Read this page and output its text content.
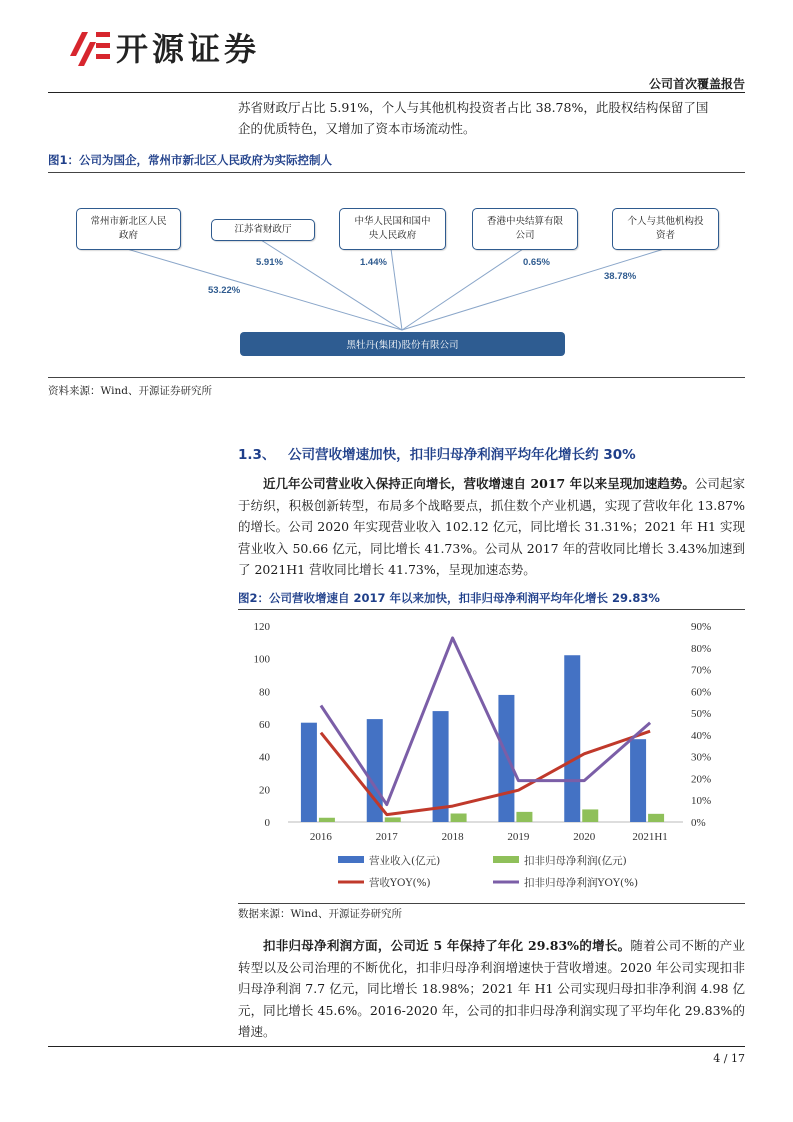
开源证券
公司首次覆盖报告
苏省财政厅占比 5.91%，个人与其他机构投资者占比 38.78%，此股权结构保留了国
企的优质特色，又增加了资本市场流动性。
图1：公司为国企，常州市新北区人民政府为实际控制人
常州市新北区人民
政府
江苏省财政厅
中华人民国和国中
央人民政府
香港中央结算有限
公司
个人与其他机构投
资者
53.22%
5.91%	1.44%	0.65%
38.78%
黑牡丹(集团)股份有限公司
资料来源：Wind、开源证券研究所
1.3、 公司营收增速加快，扣非归母净利润平均年化增长约 30%
近几年公司营业收入保持正向增长，营收增速自 2017 年以来呈现加速趋势。公司起家于纺织，积极创新转型，布局多个战略要点，抓住数个产业机遇，实现了营收年化 13.87%的增长。公司 2020 年实现营业收入 102.12 亿元，同比增长 31.31%；2021 年 H1 实现营业收入 50.66 亿元，同比增长 41.73%。公司从 2017 年的营收同比增长 3.43%加速到了 2021H1 营收同比增长 41.73%，呈现加速态势。
图2：公司营收增速自 2017 年以来加快，扣非归母净利润平均年化增长 29.83%
0
20
40
60
80
100
120
0%
10%
20%
30%
40%
50%
60%
70%
80%
90%
2016	2017	2018	2019	2020	2021H1
营业收入(亿元)	扣非归母净利润(亿元)
营收YOY(%)	扣非归母净利润YOY(%)
数据来源：Wind、开源证券研究所
扣非归母净利润方面，公司近 5 年保持了年化 29.83%的增长。随着公司不断的产业转型以及公司治理的不断优化，扣非归母净利润增速快于营收增速。2020 年公司实现扣非归母净利润 7.7 亿元，同比增长 18.98%；2021 年 H1 公司实现归母扣非净利润 4.98 亿元，同比增长 45.6%。2016-2020 年，公司的扣非归母净利润实现了平均年化 29.83%的增速。
4 / 17
